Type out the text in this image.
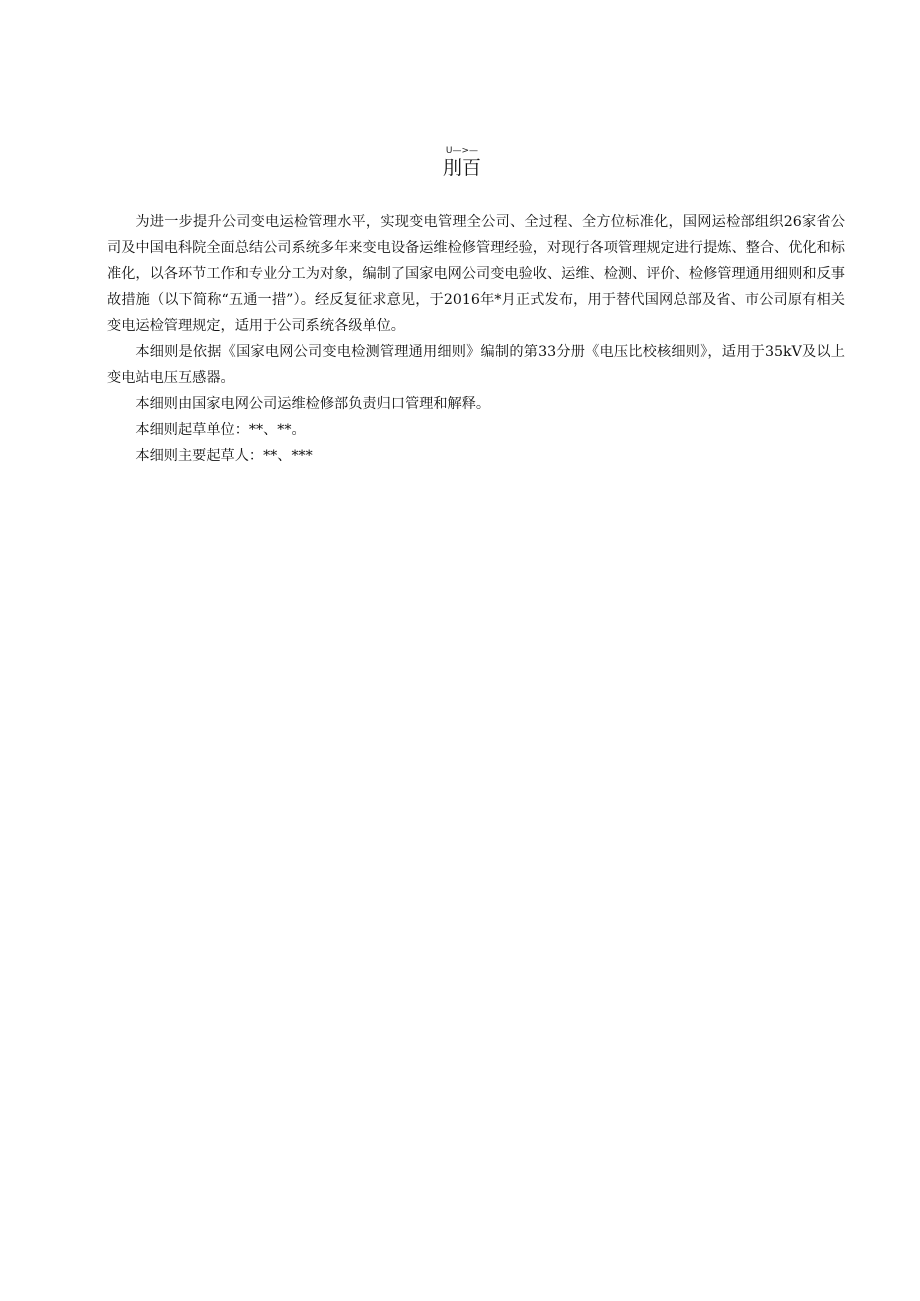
U—>—
刖百

为进一步提升公司变电运检管理水平，实现变电管理全公司、全过程、全方位标准化，国网运检部组织26家省公司及中国电科院全面总结公司系统多年来变电设备运维检修管理经验，对现行各项管理规定进行提炼、整合、优化和标准化，以各环节工作和专业分工为对象，编制了国家电网公司变电验收、运维、检测、评价、检修管理通用细则和反事故措施（以下简称“五通一措”）。经反复征求意见，于2016年*月正式发布，用于替代国网总部及省、市公司原有相关变电运检管理规定，适用于公司系统各级单位。

本细则是依据《国家电网公司变电检测管理通用细则》编制的第33分册《电压比校核细则》，适用于35kV及以上变电站电压互感器。

本细则由国家电网公司运维检修部负责归口管理和解释。

本细则起草单位：**、**。

本细则主要起草人：**、***
